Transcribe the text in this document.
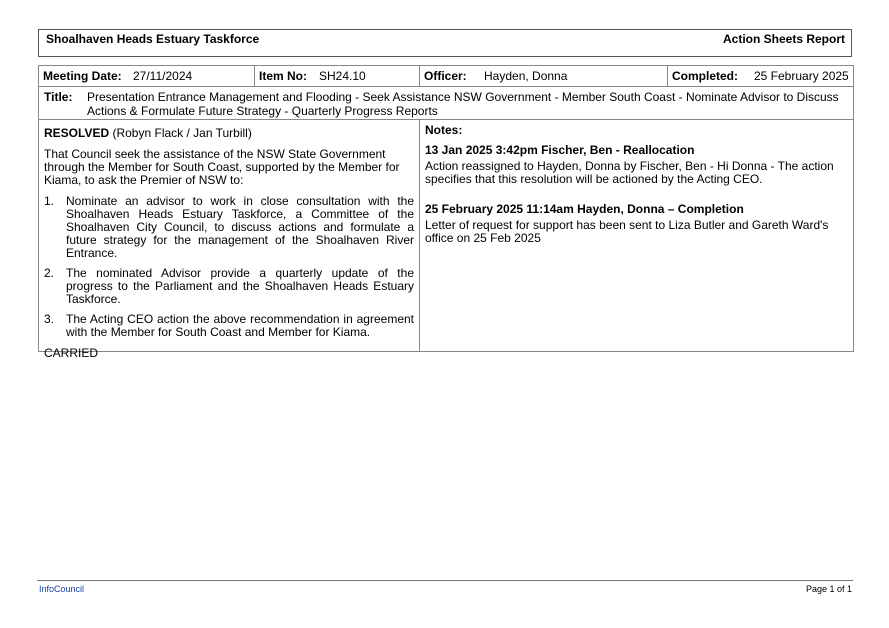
Shoalhaven Heads Estuary Taskforce	Action Sheets Report
Meeting Date: 27/11/2024	Item No: SH24.10	Officer: Hayden, Donna	Completed: 25 February 2025
Title: Presentation Entrance Management and Flooding - Seek Assistance NSW Government - Member South Coast - Nominate Advisor to Discuss Actions & Formulate Future Strategy - Quarterly Progress Reports
RESOLVED (Robyn Flack / Jan Turbill)
That Council seek the assistance of the NSW State Government through the Member for South Coast, supported by the Member for Kiama, to ask the Premier of NSW to:
1. Nominate an advisor to work in close consultation with the Shoalhaven Heads Estuary Taskforce, a Committee of the Shoalhaven City Council, to discuss actions and formulate a future strategy for the management of the Shoalhaven River Entrance.
2. The nominated Advisor provide a quarterly update of the progress to the Parliament and the Shoalhaven Heads Estuary Taskforce.
3. The Acting CEO action the above recommendation in agreement with the Member for South Coast and Member for Kiama.
CARRIED
Notes:
13 Jan 2025 3:42pm Fischer, Ben - Reallocation
Action reassigned to Hayden, Donna by Fischer, Ben - Hi Donna - The action specifies that this resolution will be actioned by the Acting CEO.
25 February 2025 11:14am Hayden, Donna – Completion
Letter of request for support has been sent to Liza Butler and Gareth Ward's office on 25 Feb 2025
InfoCouncil	Page 1 of 1
